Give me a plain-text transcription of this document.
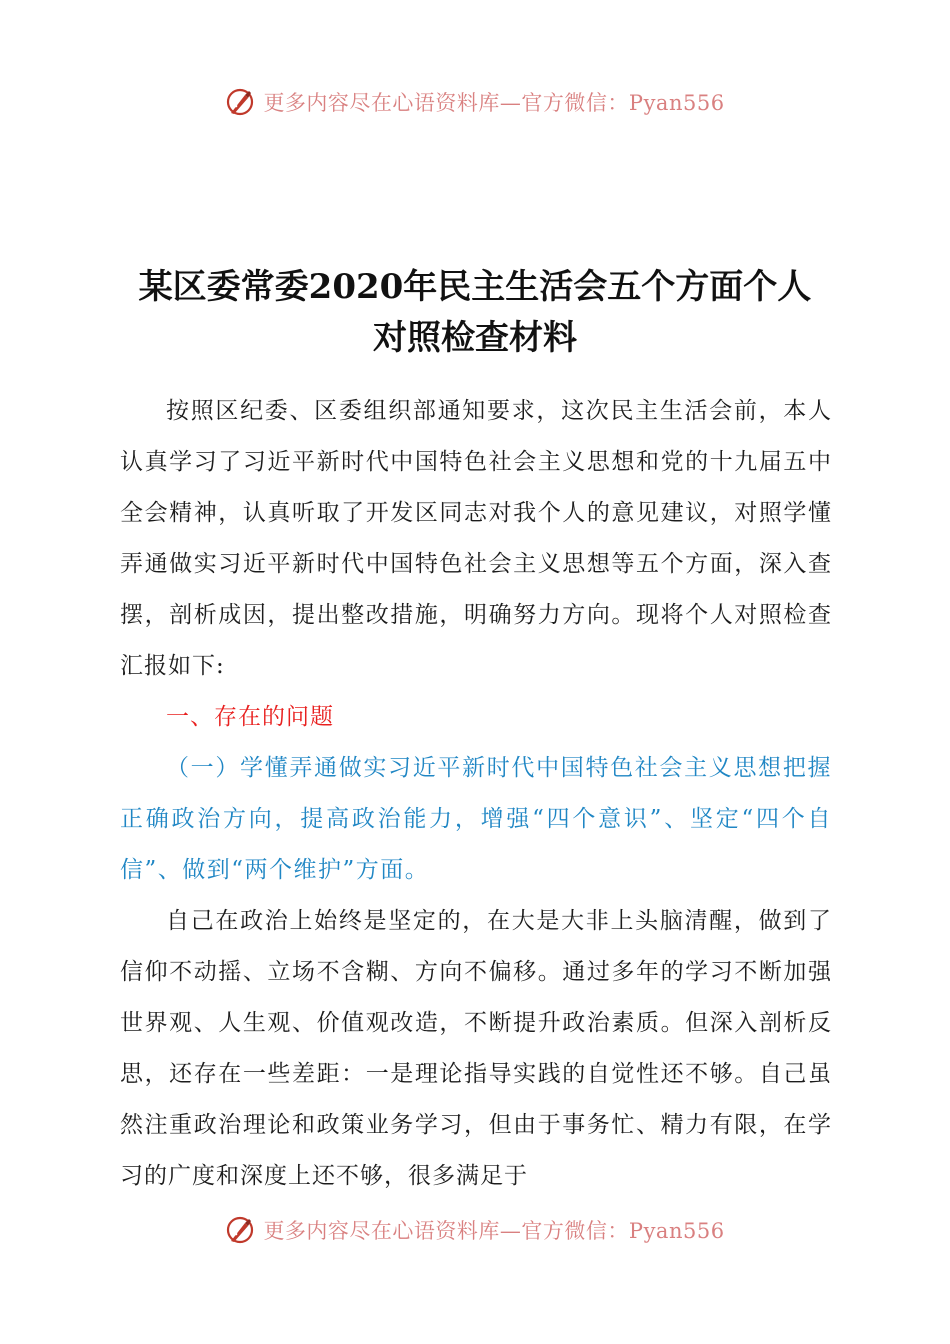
更多内容尽在心语资料库—官方微信：Pyan556
某区委常委2020年民主生活会五个方面个人
对照检查材料

按照区纪委、区委组织部通知要求，这次民主生活会前，本人认真学习了习近平新时代中国特色社会主义思想和党的十九届五中全会精神，认真听取了开发区同志对我个人的意见建议，对照学懂弄通做实习近平新时代中国特色社会主义思想等五个方面，深入查摆，剖析成因，提出整改措施，明确努力方向。现将个人对照检查汇报如下:

一、存在的问题

（一）学懂弄通做实习近平新时代中国特色社会主义思想把握正确政治方向，提高政治能力，增强“四个意识”、坚定“四个自信”、做到“两个维护”方面。

自己在政治上始终是坚定的，在大是大非上头脑清醒，做到了信仰不动摇、立场不含糊、方向不偏移。通过多年的学习不断加强世界观、人生观、价值观改造，不断提升政治素质。但深入剖析反思，还存在一些差距：一是理论指导实践的自觉性还不够。自己虽然注重政治理论和政策业务学习，但由于事务忙、精力有限，在学习的广度和深度上还不够，很多满足于

更多内容尽在心语资料库—官方微信：Pyan556
